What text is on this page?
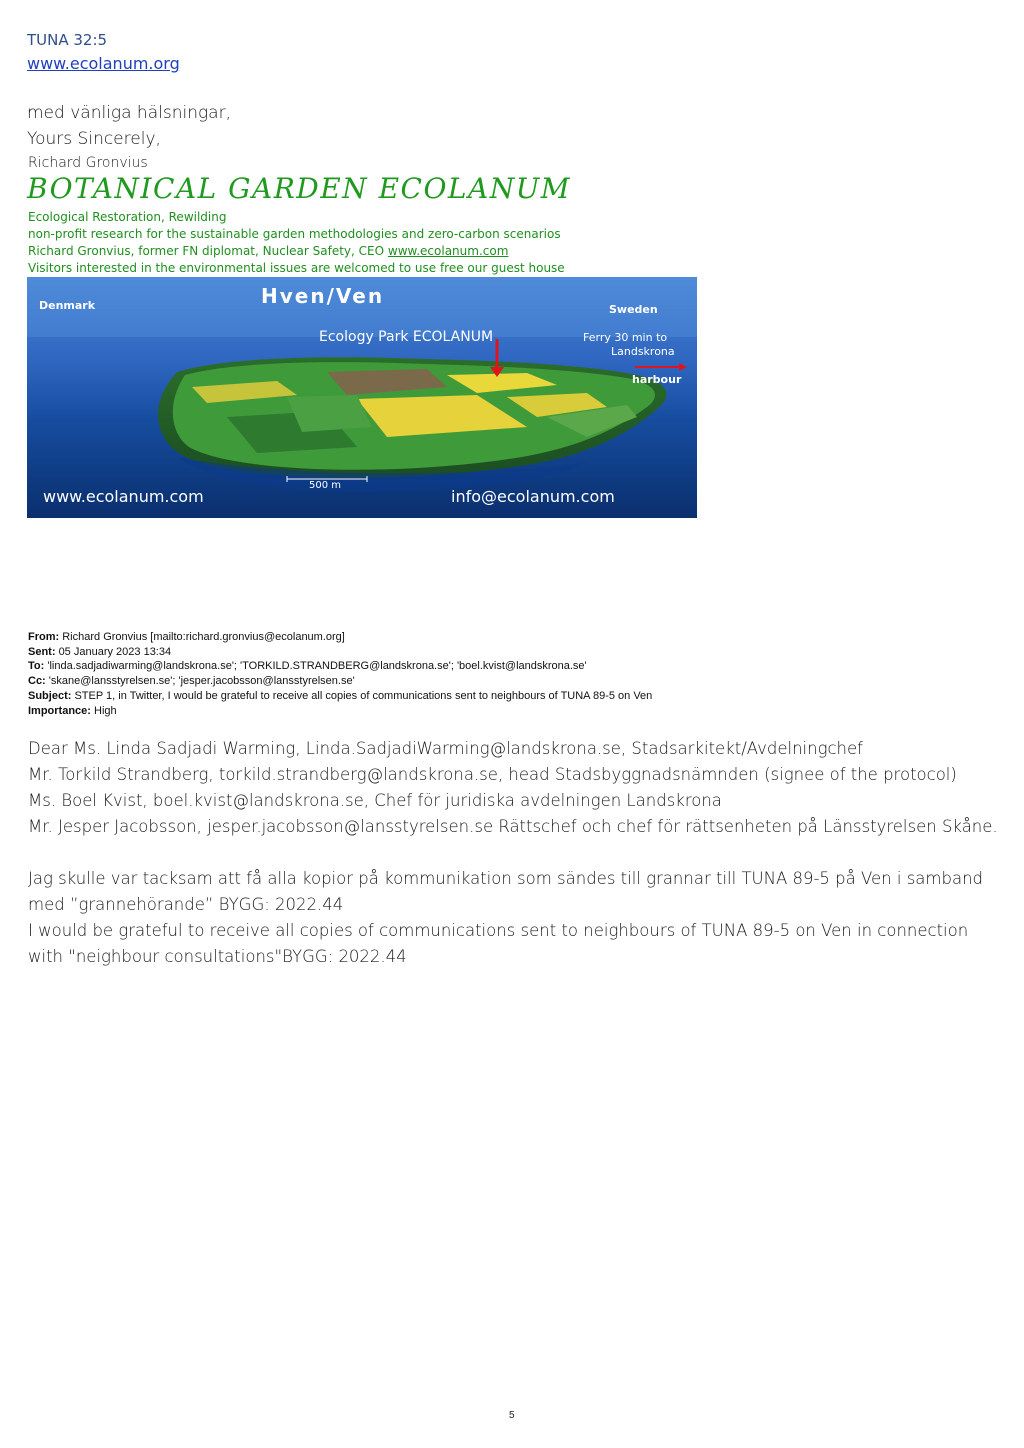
TUNA 32:5
www.ecolanum.org
med vänliga hälsningar,
Yours Sincerely,
Richard Gronvius
BOTANICAL GARDEN ECOLANUM
Ecological Restoration, Rewilding
non-profit research for the sustainable garden methodologies and zero-carbon scenarios
Richard Gronvius, former FN diplomat, Nuclear Safety, CEO www.ecolanum.com
Visitors interested in the environmental issues are welcomed to use free our guest house
Hven/Ven
Denmark	Sweden
Ecology Park ECOLANUM	Ferry 30 min to
Landskrona
harbour
500 m
www.ecolanum.com	info@ecolanum.com
From: Richard Gronvius [mailto:richard.gronvius@ecolanum.org]
Sent: 05 January 2023 13:34
To: 'linda.sadjadiwarming@landskrona.se'; 'TORKILD.STRANDBERG@landskrona.se'; 'boel.kvist@landskrona.se'
Cc: 'skane@lansstyrelsen.se'; 'jesper.jacobsson@lansstyrelsen.se'
Subject: STEP 1, in Twitter, I would be grateful to receive all copies of communications sent to neighbours of TUNA 89-5 on Ven
Importance: High
Dear Ms. Linda Sadjadi Warming, Linda.SadjadiWarming@landskrona.se, Stadsarkitekt/Avdelningchef
Mr. Torkild Strandberg, torkild.strandberg@landskrona.se, head Stadsbyggnadsnämnden (signee of the protocol)
Ms. Boel Kvist, boel.kvist@landskrona.se, Chef för juridiska avdelningen Landskrona
Mr. Jesper Jacobsson, jesper.jacobsson@lansstyrelsen.se Rättschef och chef för rättsenheten på Länsstyrelsen Skåne.
Jag skulle var tacksam att få alla kopior på kommunikation som sändes till grannar till TUNA 89-5 på Ven i samband
med ”grannehörande” BYGG: 2022.44
I would be grateful to receive all copies of communications sent to neighbours of TUNA 89-5 on Ven in connection
with "neighbour consultations"BYGG: 2022.44
5
